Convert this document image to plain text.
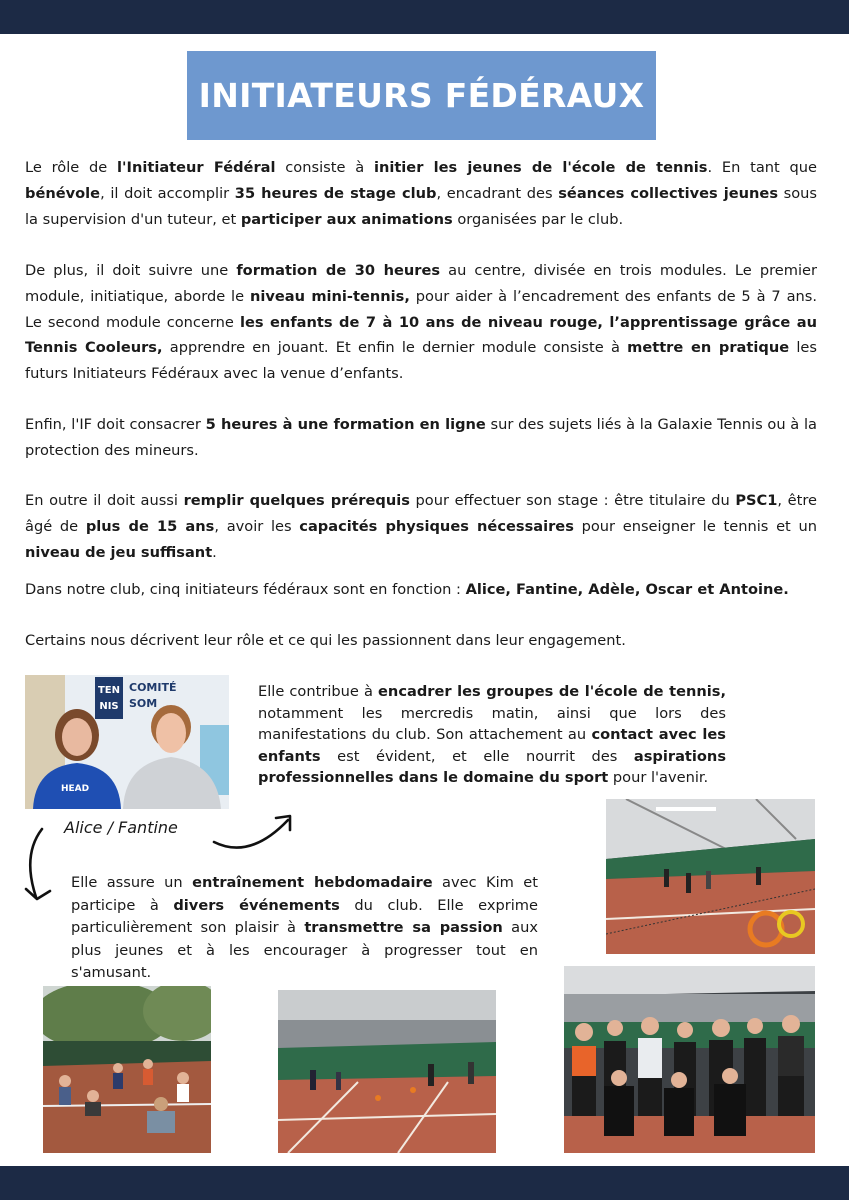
INITIATEURS FÉDÉRAUX

Le rôle de l'Initiateur Fédéral consiste à initier les jeunes de l'école de tennis. En tant que bénévole, il doit accomplir 35 heures de stage club, encadrant des séances collectives jeunes sous la supervision d'un tuteur, et participer aux animations organisées par le club.

De plus, il doit suivre une formation de 30 heures au centre, divisée en trois modules. Le premier module, initiatique, aborde le niveau mini-tennis, pour aider à l’encadrement des enfants de 5 à 7 ans. Le second module concerne les enfants de 7 à 10 ans de niveau rouge, l’apprentissage grâce au Tennis Cooleurs, apprendre en jouant. Et enfin le dernier module consiste à mettre en pratique les futurs Initiateurs Fédéraux avec la venue d’enfants.

Enfin, l'IF doit consacrer 5 heures à une formation en ligne sur des sujets liés à la Galaxie Tennis ou à la protection des mineurs.

En outre il doit aussi remplir quelques prérequis pour effectuer son stage : être titulaire du PSC1, être âgé de plus de 15 ans, avoir les capacités physiques nécessaires pour enseigner le tennis et un niveau de jeu suffisant.

Dans notre club, cinq initiateurs fédéraux sont en fonction : Alice, Fantine, Adèle, Oscar et Antoine.

Certains nous décrivent leur rôle et ce qui les passionnent dans leur engagement.

TEN
NIS
COMITÉ
SOM
HEAD
Elle contribue à encadrer les groupes de l'école de tennis, notamment les mercredis matin, ainsi que lors des manifestations du club. Son attachement au contact avec les enfants est évident, et elle nourrit des aspirations professionnelles dans le domaine du sport pour l'avenir.
Alice / Fantine
Elle assure un entraînement hebdomadaire avec Kim et participe à divers événements du club. Elle exprime particulièrement son plaisir à transmettre sa passion aux plus jeunes et à les encourager à progresser tout en s'amusant.
